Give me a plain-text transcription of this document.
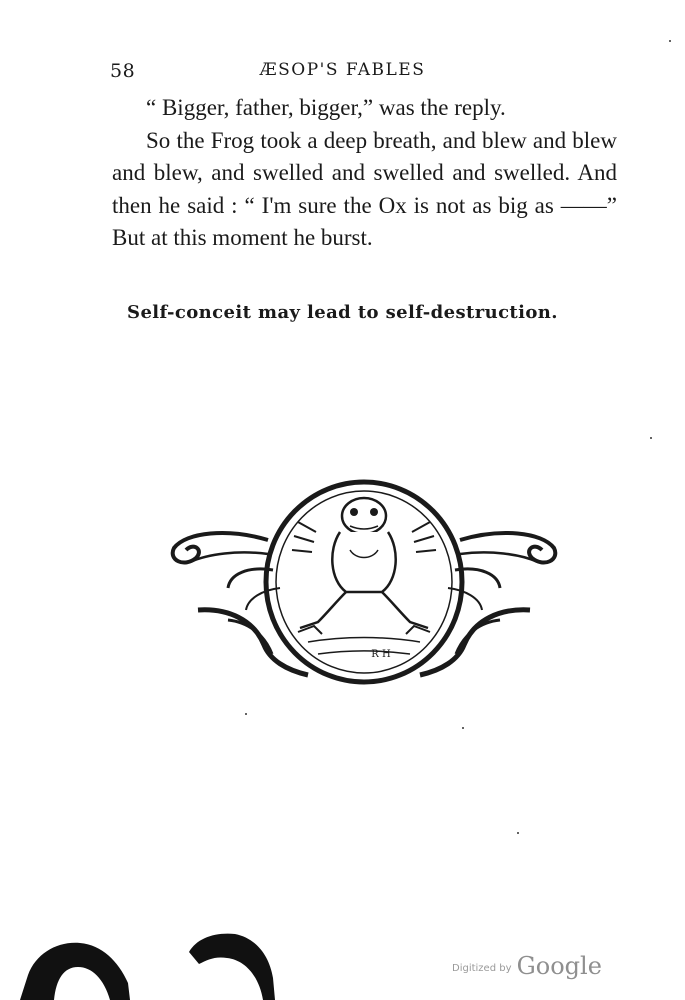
58	ÆSOP'S FABLES

“ Bigger, father, bigger,” was the reply.

So the Frog took a deep breath, and blew and blew and blew, and swelled and swelled and swelled. And then he said : “ I'm sure the Ox is not as big as ——” But at this moment he burst.

Self-conceit may lead to self-destruction.
R H
Digitized by Google
